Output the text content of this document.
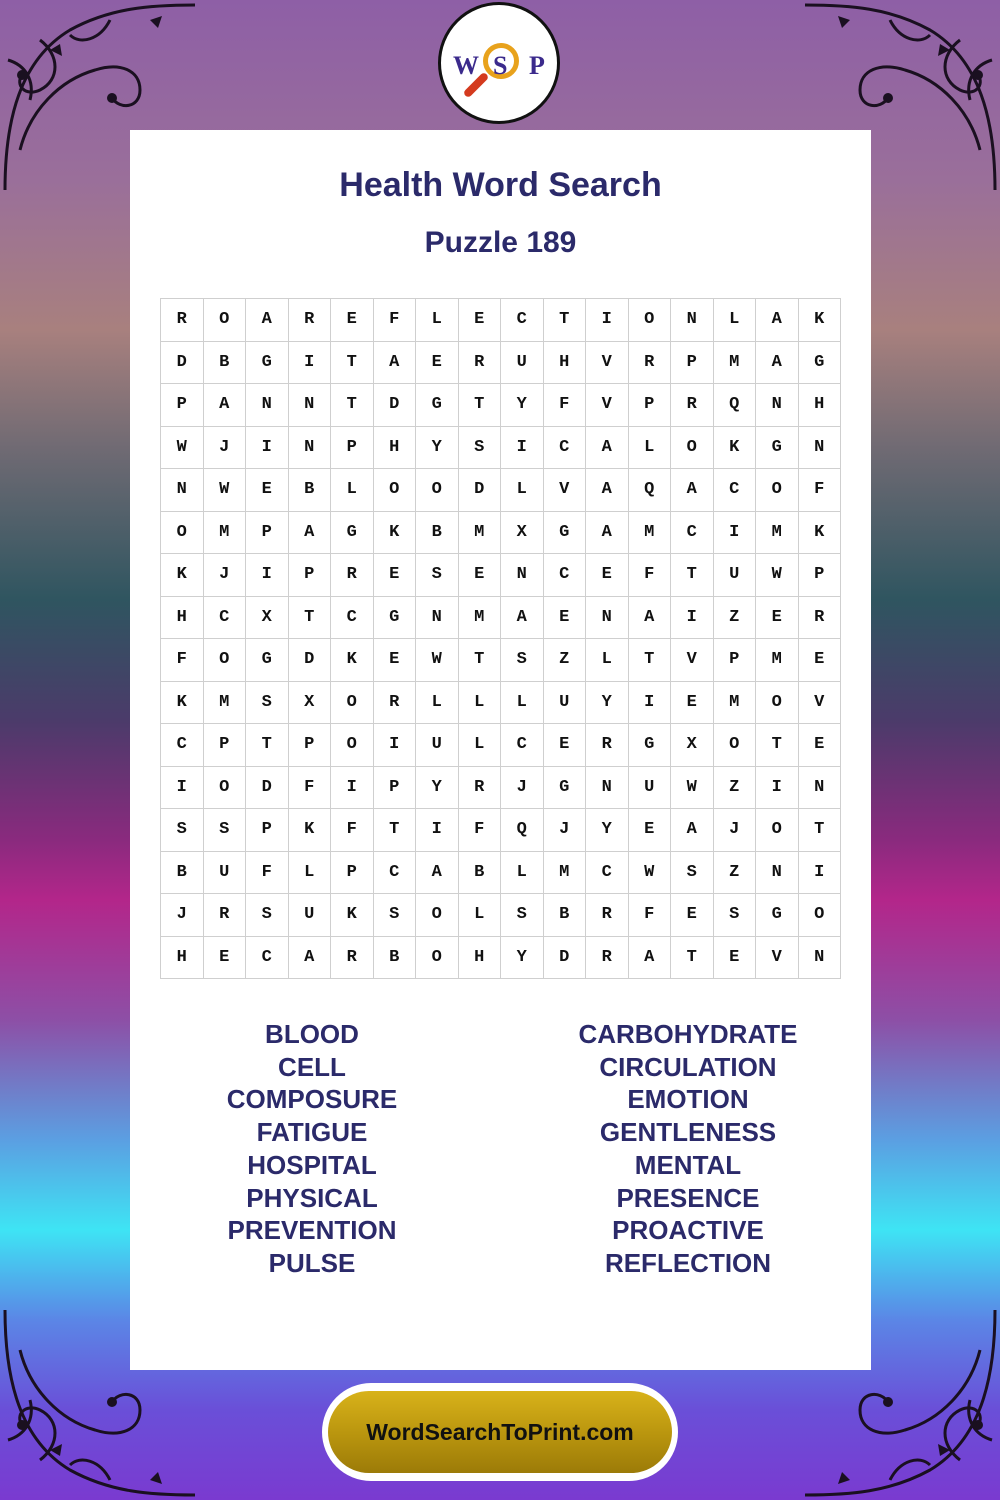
W S P
Health Word Search
Puzzle 189
R	O	A	R	E	F	L	E	C	T	I	O	N	L	A	K
D	B	G	I	T	A	E	R	U	H	V	R	P	M	A	G
P	A	N	N	T	D	G	T	Y	F	V	P	R	Q	N	H
W	J	I	N	P	H	Y	S	I	C	A	L	O	K	G	N
N	W	E	B	L	O	O	D	L	V	A	Q	A	C	O	F
O	M	P	A	G	K	B	M	X	G	A	M	C	I	M	K
K	J	I	P	R	E	S	E	N	C	E	F	T	U	W	P
H	C	X	T	C	G	N	M	A	E	N	A	I	Z	E	R
F	O	G	D	K	E	W	T	S	Z	L	T	V	P	M	E
K	M	S	X	O	R	L	L	L	U	Y	I	E	M	O	V
C	P	T	P	O	I	U	L	C	E	R	G	X	O	T	E
I	O	D	F	I	P	Y	R	J	G	N	U	W	Z	I	N
S	S	P	K	F	T	I	F	Q	J	Y	E	A	J	O	T
B	U	F	L	P	C	A	B	L	M	C	W	S	Z	N	I
J	R	S	U	K	S	O	L	S	B	R	F	E	S	G	O
H	E	C	A	R	B	O	H	Y	D	R	A	T	E	V	N
BLOOD
CELL
COMPOSURE
FATIGUE
HOSPITAL
PHYSICAL
PREVENTION
PULSE
CARBOHYDRATE
CIRCULATION
EMOTION
GENTLENESS
MENTAL
PRESENCE
PROACTIVE
REFLECTION
WordSearchToPrint.com
